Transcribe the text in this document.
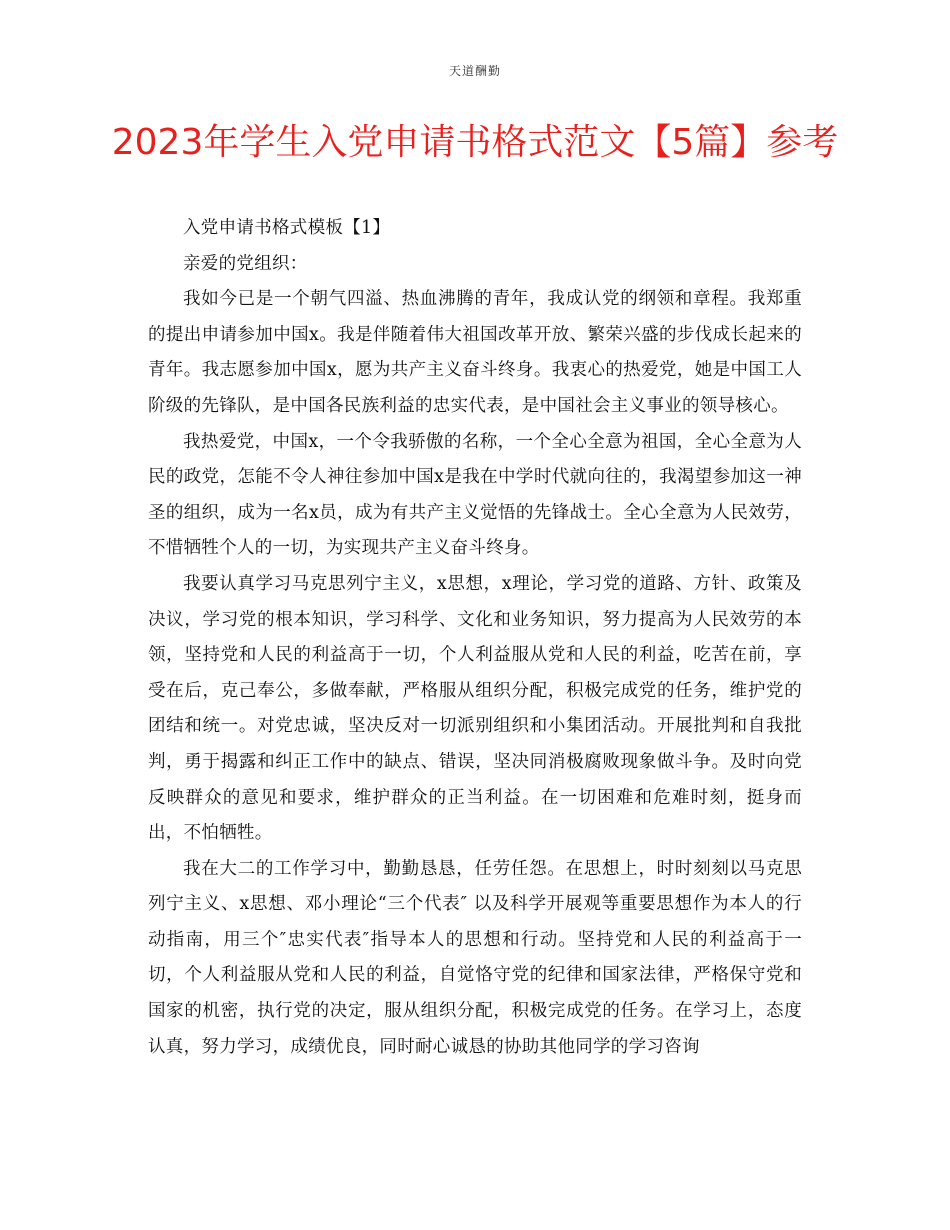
天道酬勤
2023年学生入党申请书格式范文【5篇】参考

入党申请书格式模板【1】

亲爱的党组织：

我如今已是一个朝气四溢、热血沸腾的青年，我成认党的纲领和章程。我郑重的提出申请参加中国x。我是伴随着伟大祖国改革开放、繁荣兴盛的步伐成长起来的青年。我志愿参加中国x，愿为共产主义奋斗终身。我衷心的热爱党，她是中国工人阶级的先锋队，是中国各民族利益的忠实代表，是中国社会主义事业的领导核心。

我热爱党，中国x，一个令我骄傲的名称，一个全心全意为祖国，全心全意为人民的政党，怎能不令人神往参加中国x是我在中学时代就向往的，我渴望参加这一神圣的组织，成为一名x员，成为有共产主义觉悟的先锋战士。全心全意为人民效劳，不惜牺牲个人的一切，为实现共产主义奋斗终身。

我要认真学习马克思列宁主义，x思想，x理论，学习党的道路、方针、政策及决议，学习党的根本知识，学习科学、文化和业务知识，努力提高为人民效劳的本领，坚持党和人民的利益高于一切，个人利益服从党和人民的利益，吃苦在前，享受在后，克己奉公，多做奉献，严格服从组织分配，积极完成党的任务，维护党的团结和统一。对党忠诚，坚决反对一切派别组织和小集团活动。开展批判和自我批判，勇于揭露和纠正工作中的缺点、错误，坚决同消极腐败现象做斗争。及时向党反映群众的意见和要求，维护群众的正当利益。在一切困难和危难时刻，挺身而出，不怕牺牲。

我在大二的工作学习中，勤勤恳恳，任劳任怨。在思想上，时时刻刻以马克思列宁主义、x思想、邓小理论“三个代表″ 以及科学开展观等重要思想作为本人的行动指南，用三个″忠实代表″指导本人的思想和行动。坚持党和人民的利益高于一切，个人利益服从党和人民的利益，自觉恪守党的纪律和国家法律，严格保守党和国家的机密，执行党的决定，服从组织分配，积极完成党的任务。在学习上，态度认真，努力学习，成绩优良，同时耐心诚恳的协助其他同学的学习咨询
